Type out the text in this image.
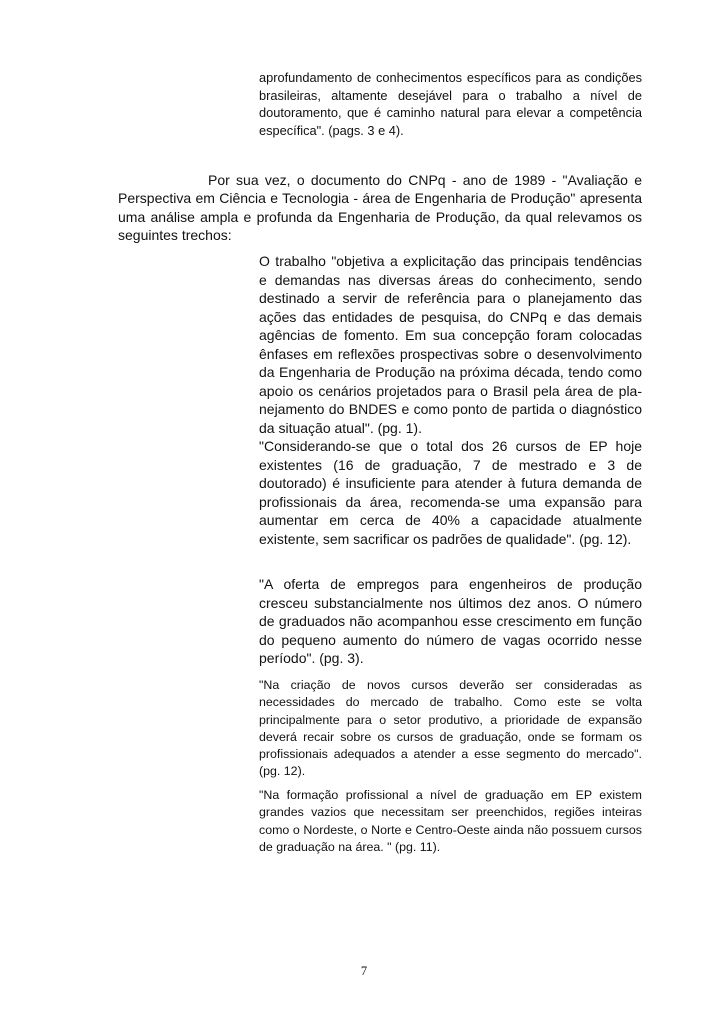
aprofundamento de conhecimentos específicos para as condições brasileiras, altamente desejável para o trabalho a nível de doutoramento, que é caminho natural para elevar a competência específica". (pags. 3 e 4).

Por sua vez, o documento do CNPq - ano de 1989 - "Avaliação e Perspectiva em Ciência e Tecnologia - área de Engenharia de Produção" apresenta uma análise ampla e profunda da Engenharia de Produção, da qual relevamos os seguintes trechos:

O trabalho "objetiva a explicitação das principais tendências e demandas nas diversas áreas do conhecimento, sendo destinado a servir de referência para o planejamento das ações das entidades de pesquisa, do CNPq e das demais agências de fomento. Em sua concepção foram colocadas ênfases em reflexões prospectivas sobre o desenvolvimento da Engenharia de Produção na próxima década, tendo como apoio os cenários projetados para o Brasil pela área de pla- nejamento do BNDES e como ponto de partida o diagnóstico da situação atual". (pg. 1).

"Considerando-se que o total dos 26 cursos de EP hoje existentes (16 de graduação, 7 de mestrado e 3 de doutorado) é insuficiente para atender à futura demanda de profissionais da área, recomenda-se uma expansão para aumentar em cerca de 40% a capacidade atualmente existente, sem sacrificar os padrões de qualidade". (pg. 12).

"A oferta de empregos para engenheiros de produção cresceu substancialmente nos últimos dez anos. O número de graduados não acompanhou esse crescimento em função do pequeno aumento do número de vagas ocorrido nesse período". (pg. 3).

"Na criação de novos cursos deverão ser consideradas as necessidades do mercado de trabalho. Como este se volta principalmente para o setor produtivo, a prioridade de expansão deverá recair sobre os cursos de graduação, onde se formam os profissionais adequados a atender a esse segmento do mercado". (pg. 12).

"Na formação profissional a nível de graduação em EP existem grandes vazios que necessitam ser preenchidos, regiões inteiras como o Nordeste, o Norte e Centro-Oeste ainda não possuem cursos de graduação na área. " (pg. 11).

7
